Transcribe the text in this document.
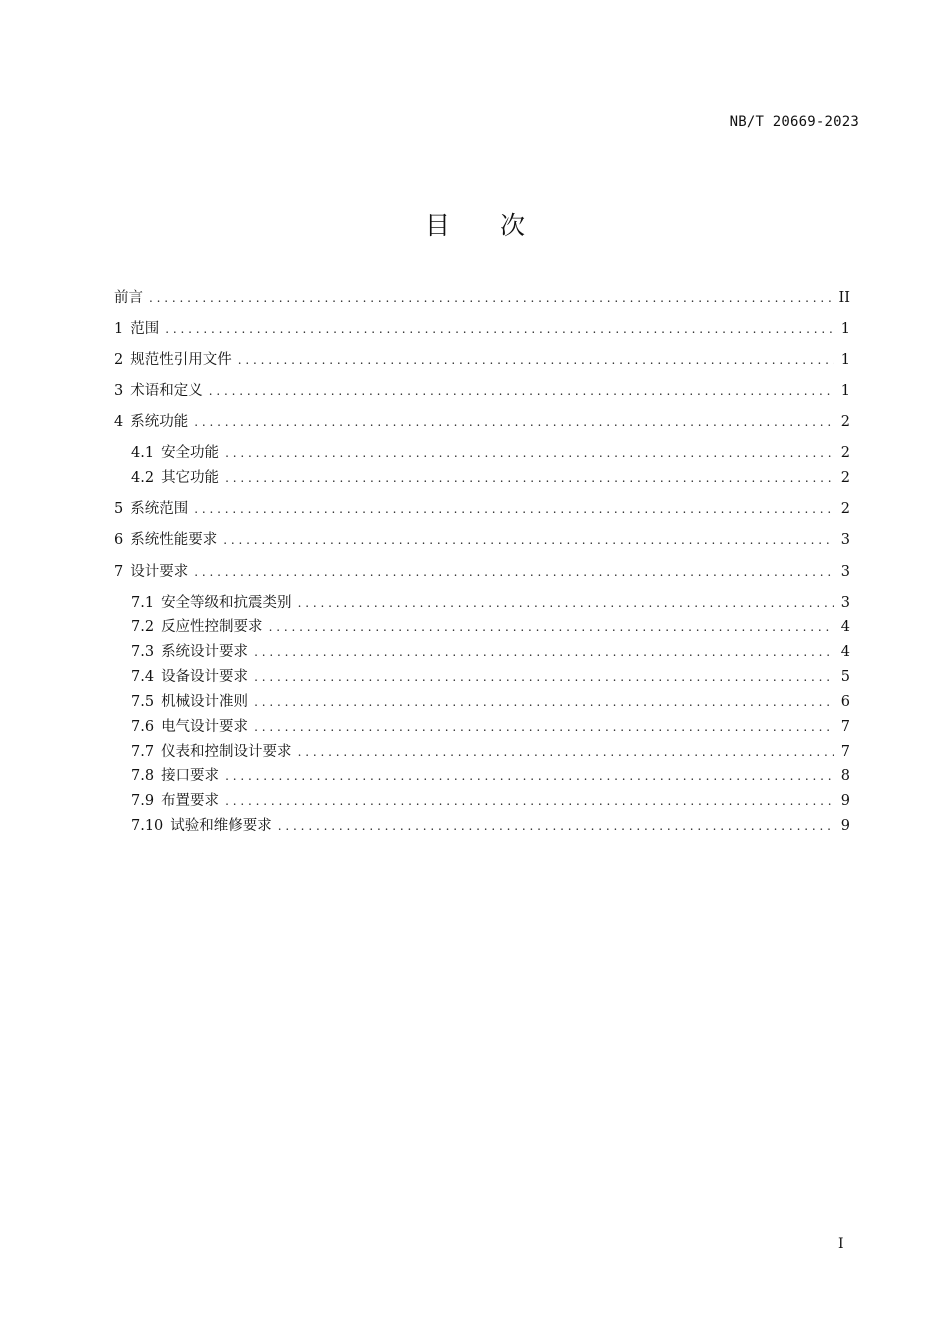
NB/T 20669-2023
目次
前言 . . .	II
1 范围 . . .	1
2 规范性引用文件 . . .	1
3 术语和定义 . . .	1
4 系统功能 . . .	2
4.1 安全功能 . . .	2
4.2 其它功能 . . .	2
5 系统范围 . . .	2
6 系统性能要求 . . .	3
7 设计要求 . . .	3
7.1 安全等级和抗震类别 . . .	3
7.2 反应性控制要求 . . .	4
7.3 系统设计要求 . . .	4
7.4 设备设计要求 . . .	5
7.5 机械设计准则 . . .	6
7.6 电气设计要求 . . .	7
7.7 仪表和控制设计要求 . . .	7
7.8 接口要求 . . .	8
7.9 布置要求 . . .	9
7.10 试验和维修要求 . . .	9
I
